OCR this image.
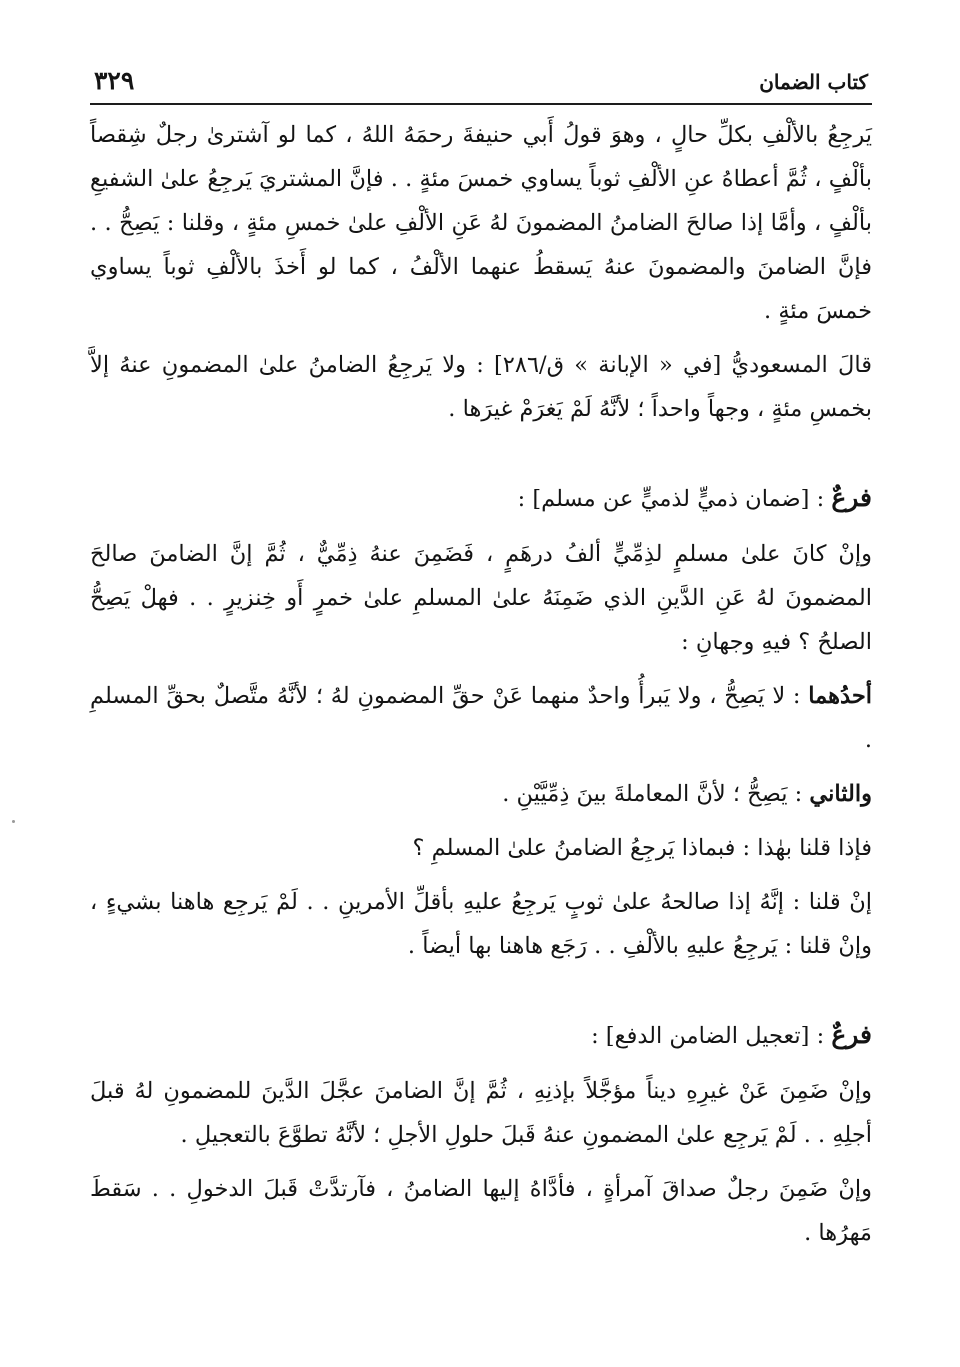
كتاب الضمان
٣٢٩

يَرجِعُ بالألْفِ بكلِّ حالٍ ، وهوَ قولُ أَبي حنيفةَ رحمَهُ اللهُ ، كما لو آشترىٰ رجلٌ شِقصاً بألْفٍ ، ثُمَّ أعطاهُ عنِ الألْفِ ثوباً يساوي خمسَ مئةٍ . . فإنَّ المشتريَ يَرجِعُ علىٰ الشفيعِ بألْفٍ ، وأمَّا إذا صالحَ الضامنُ المضمونَ لهُ عَنِ الألْفِ علىٰ خمسِ مئةٍ ، وقلنا : يَصِحُّ . . فإنَّ الضامنَ والمضمونَ عنهُ يَسقطُ عنهما الألْفُ ، كما لو أَخذَ بالألْفِ ثوباً يساوي خمسَ مئةٍ .

قالَ المسعوديُّ [في « الإبانة » ق/٢٨٦] : ولا يَرجِعُ الضامنُ علىٰ المضمونِ عنهُ إلاَّ بخمسِ مئةٍ ، وجهاً واحداً ؛ لأنَّهُ لَمْ يَغرَمْ غيرَها .

فرعٌ : [ضمان ذميٍّ لذميٍّ عن مسلم] :

وإنْ كانَ علىٰ مسلمٍ لذِمِّيٍّ ألفُ درهَمٍ ، فَضَمِنَ عنهُ ذِمِّيٌّ ، ثُمَّ إنَّ الضامنَ صالحَ المضمونَ لهُ عَنِ الدَّينِ الذي ضَمِنَهُ علىٰ المسلمِ علىٰ خمرٍ أَو خِنزيرٍ . . فهلْ يَصِحُّ الصلحُ ؟ فيهِ وجهانِ :

أحدُهما : لا يَصِحُّ ، ولا يَبرأُ واحدٌ منهما عَنْ حقِّ المضمونِ لهُ ؛ لأنَّهُ متَّصلٌ بحقِّ المسلمِ .

والثاني : يَصِحُّ ؛ لأنَّ المعاملةَ بينَ ذِمِّيَّيْنِ .

فإذا قلنا بهٰذا : فبماذا يَرجِعُ الضامنُ علىٰ المسلمِ ؟

إنْ قلنا : إنَّهُ إذا صالحهُ علىٰ ثوبٍ يَرجِعُ عليهِ بأقلِّ الأمرينِ . . لَمْ يَرجِع هاهنا بشيءٍ ، وإنْ قلنا : يَرجِعُ عليهِ بالألْفِ . . رَجَع هاهنا بها أيضاً .

فرعٌ : [تعجيل الضامن الدفع] :

وإنْ ضَمِنَ عَنْ غيرِهِ ديناً مؤجَّلاً بإذنِهِ ، ثُمَّ إنَّ الضامنَ عجَّلَ الدَّينَ للمضمونِ لهُ قبلَ أجلِهِ . . لَمْ يَرجِع علىٰ المضمونِ عنهُ قَبلَ حلولِ الأجلِ ؛ لأنَّهُ تطوَّعَ بالتعجيلِ .

وإنْ ضَمِنَ رجلٌ صداقَ آمرأةٍ ، فأدَّاهُ إليها الضامنُ ، فآرتدَّتْ قَبلَ الدخولِ . . سَقطَ مَهرُها .
